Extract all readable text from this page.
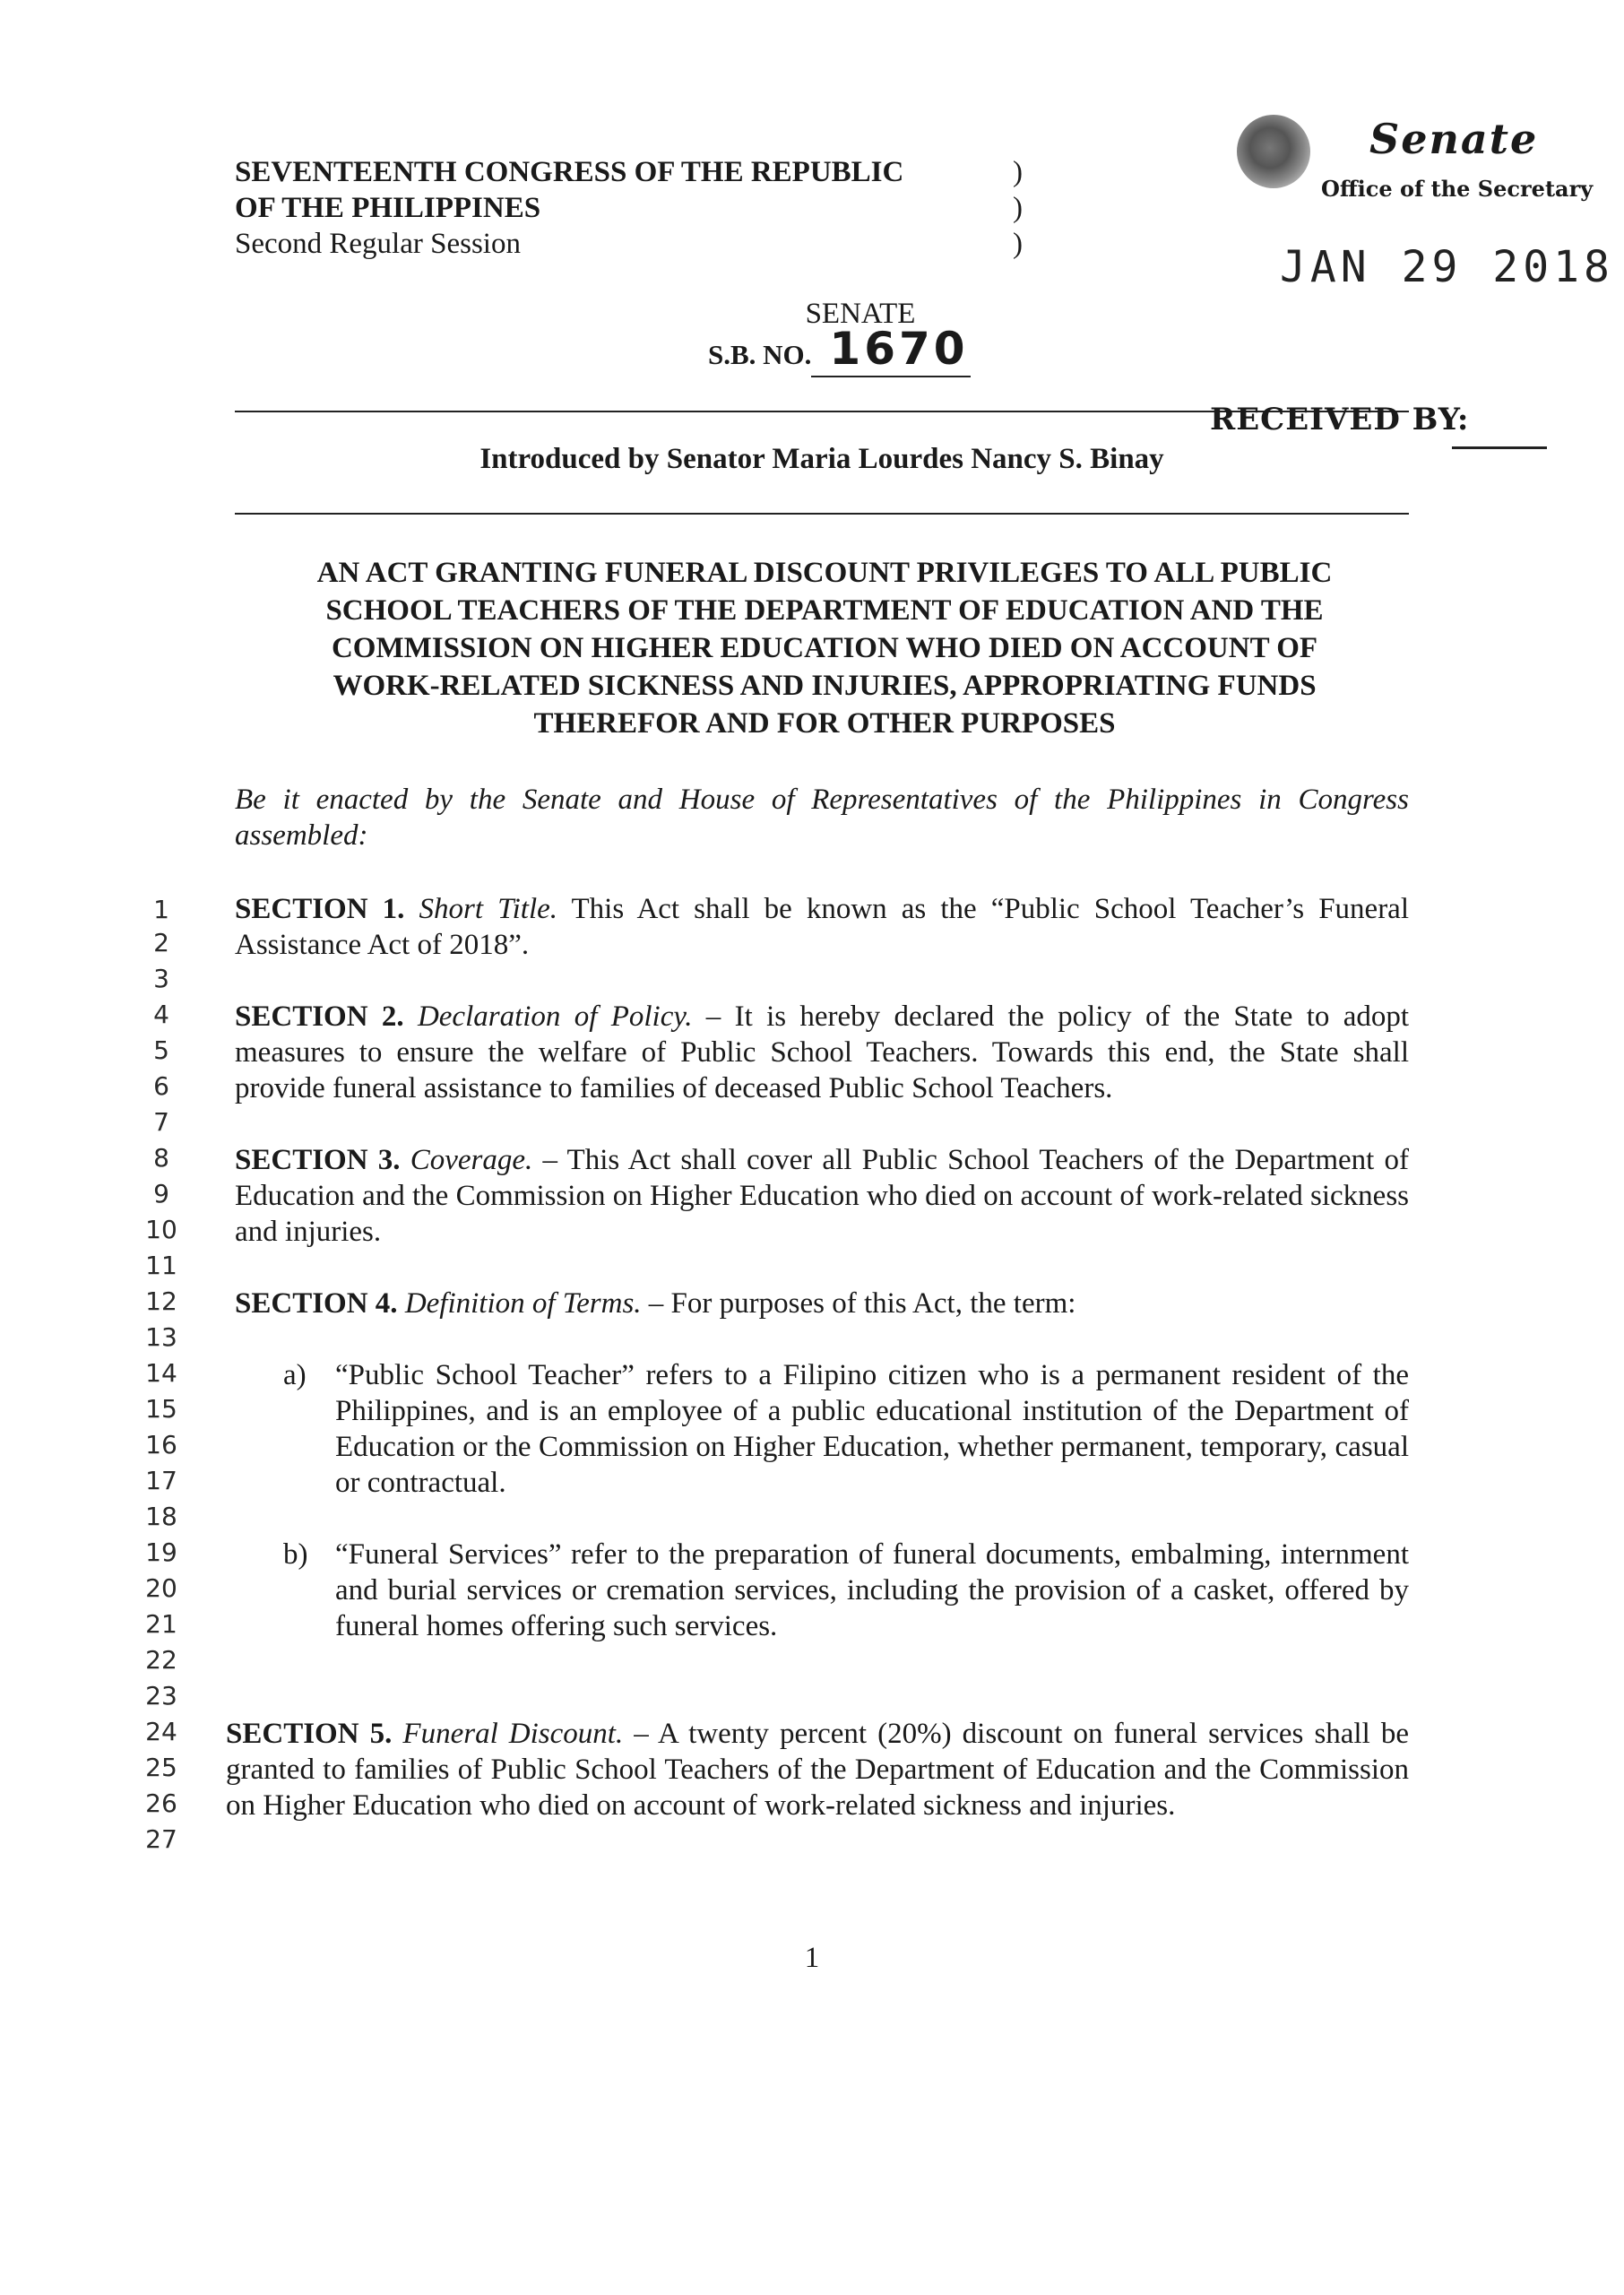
SEVENTEENTH CONGRESS OF THE REPUBLIC
OF THE PHILIPPINES
Second Regular Session
)
)
)
Senate
Office of the Secretary
JAN 29 2018
SENATE
S.B. NO. 1670
RECEIVED BY:
Introduced by Senator Maria Lourdes Nancy S. Binay
AN ACT GRANTING FUNERAL DISCOUNT PRIVILEGES TO ALL PUBLIC
SCHOOL TEACHERS OF THE DEPARTMENT OF EDUCATION AND THE
COMMISSION ON HIGHER EDUCATION WHO DIED ON ACCOUNT OF
WORK-RELATED SICKNESS AND INJURIES, APPROPRIATING FUNDS
THEREFOR AND FOR OTHER PURPOSES
Be it enacted by the Senate and House of Representatives of the Philippines in Congress assembled:
1
2
3
4
5
6
7
8
9
10
11
12
13
14
15
16
17
18
19
20
21
22
23
24
25
26
27
SECTION 1. Short Title. This Act shall be known as the “Public School Teacher’s Funeral Assistance Act of 2018”.
SECTION 2. Declaration of Policy. – It is hereby declared the policy of the State to adopt measures to ensure the welfare of Public School Teachers. Towards this end, the State shall provide funeral assistance to families of deceased Public School Teachers.
SECTION 3. Coverage. – This Act shall cover all Public School Teachers of the Department of Education and the Commission on Higher Education who died on account of work-related sickness and injuries.
SECTION 4. Definition of Terms. – For purposes of this Act, the term:
a) “Public School Teacher” refers to a Filipino citizen who is a permanent resident of the Philippines, and is an employee of a public educational institution of the Department of Education or the Commission on Higher Education, whether permanent, temporary, casual or contractual.
b) “Funeral Services” refer to the preparation of funeral documents, embalming, internment and burial services or cremation services, including the provision of a casket, offered by funeral homes offering such services.
SECTION 5. Funeral Discount. – A twenty percent (20%) discount on funeral services shall be granted to families of Public School Teachers of the Department of Education and the Commission on Higher Education who died on account of work-related sickness and injuries.
1
